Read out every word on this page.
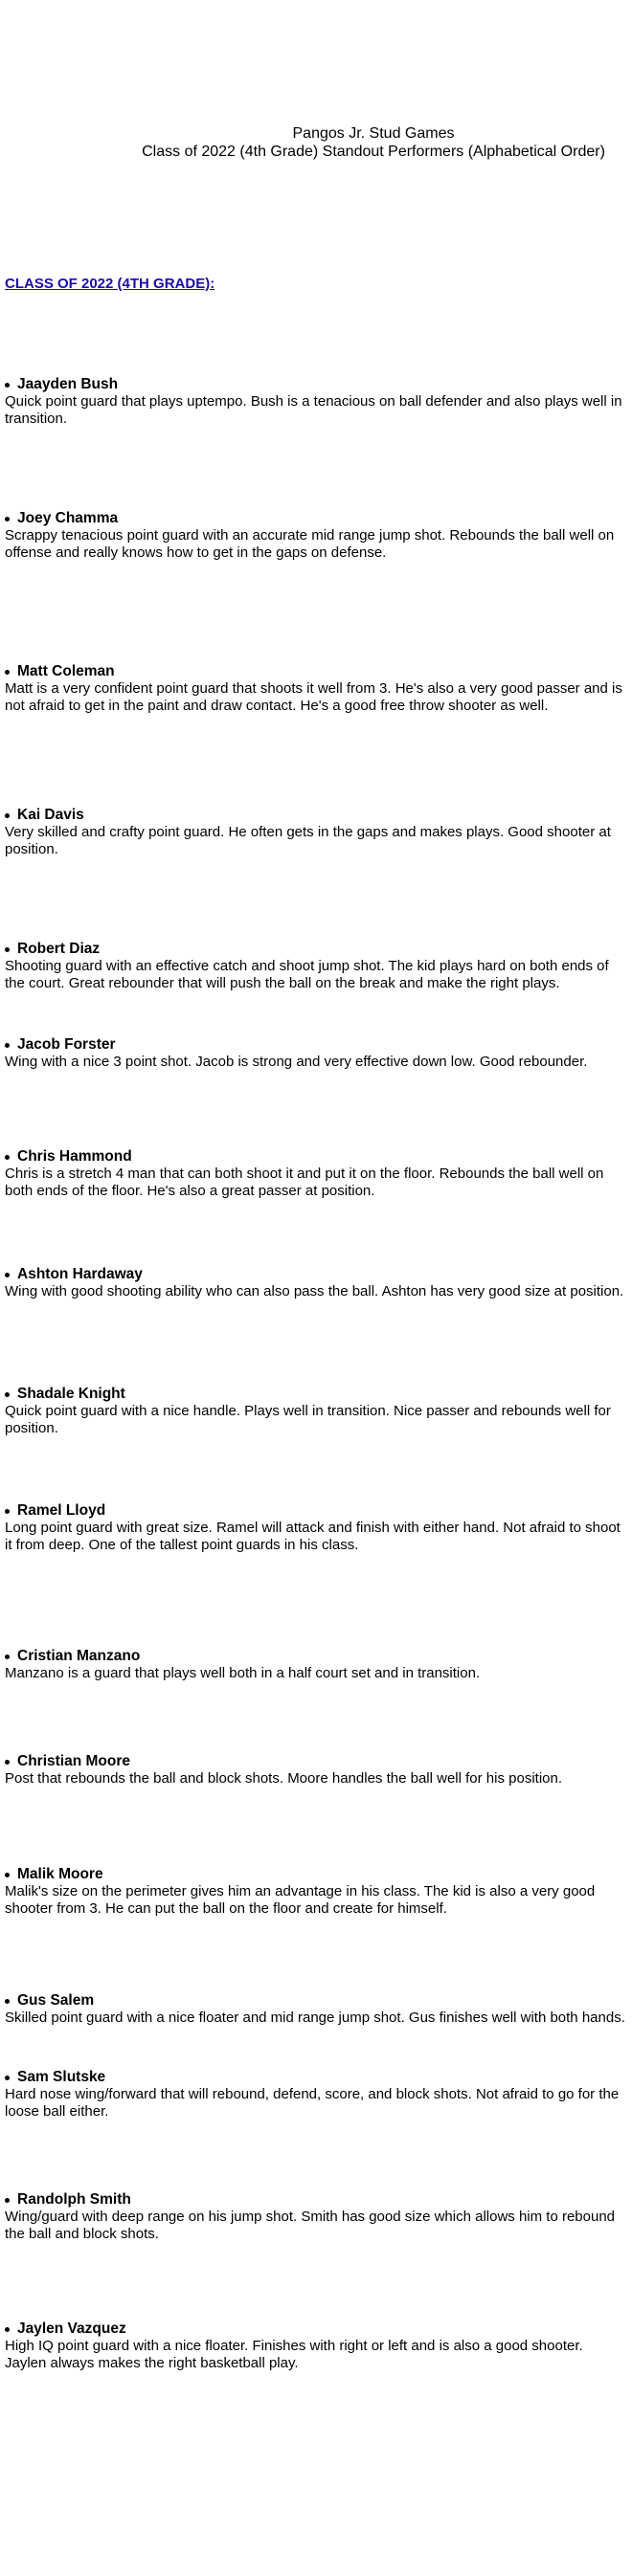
Pangos Jr. Stud Games
Class of 2022 (4th Grade) Standout Performers (Alphabetical Order)
CLASS OF 2022 (4TH GRADE):
Jaayden Bush
Quick point guard that plays uptempo. Bush is a tenacious on ball defender and also plays well in transition.
Joey Chamma
Scrappy tenacious point guard with an accurate mid range jump shot. Rebounds the ball well on offense and really knows how to get in the gaps on defense.
Matt Coleman
Matt is a very confident point guard that shoots it well from 3. He's also a very good passer and is not afraid to get in the paint and draw contact. He's a good free throw shooter as well.
Kai Davis
Very skilled and crafty point guard. He often gets in the gaps and makes plays. Good shooter at position.
Robert Diaz
Shooting guard with an effective catch and shoot jump shot. The kid plays hard on both ends of the court. Great rebounder that will push the ball on the break and make the right plays.
Jacob Forster
Wing with a nice 3 point shot. Jacob is strong and very effective down low. Good rebounder.
Chris Hammond
Chris is a stretch 4 man that can both shoot it and put it on the floor. Rebounds the ball well on both ends of the floor. He's also a great passer at position.
Ashton Hardaway
Wing with good shooting ability who can also pass the ball. Ashton has very good size at position.
Shadale Knight
Quick point guard with a nice handle. Plays well in transition. Nice passer and rebounds well for position.
Ramel Lloyd
Long point guard with great size. Ramel will attack and finish with either hand. Not afraid to shoot it from deep. One of the tallest point guards in his class.
Cristian Manzano
Manzano is a guard that plays well both in a half court set and in transition.
Christian Moore
Post that rebounds the ball and block shots. Moore handles the ball well for his position.
Malik Moore
Malik's size on the perimeter gives him an advantage in his class. The kid is also a very good shooter from 3. He can put the ball on the floor and create for himself.
Gus Salem
Skilled point guard with a nice floater and mid range jump shot. Gus finishes well with both hands.
Sam Slutske
Hard nose wing/forward that will rebound, defend, score, and block shots. Not afraid to go for the loose ball either.
Randolph Smith
Wing/guard with deep range on his jump shot. Smith has good size which allows him to rebound the ball and block shots.
Jaylen Vazquez
High IQ point guard with a nice floater. Finishes with right or left and is also a good shooter. Jaylen always makes the right basketball play.
